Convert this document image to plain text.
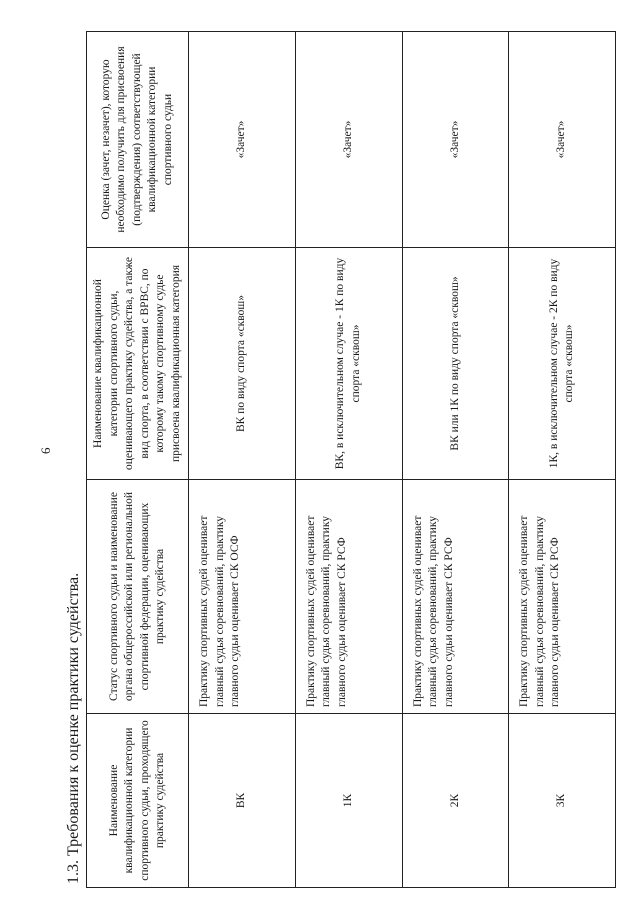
6
1.3. Требования к оценке практики судейства. Наименование квалификационной категории спортивного судьи, проходящего практику судейства	Статус спортивного судьи и наименование органа общероссийской или региональной спортивной федерации, оценивающих практику судейства	Наименование квалификационной категории спортивного судьи, оценивающего практику судейства, а также вид спорта, в соответствии с ВРВС, по которому такому спортивному судье присвоена квалификационная категория	Оценка (зачет, незачет), которую необходимо получить для присвоения (подтверждения) соответствующей квалификационной категории спортивного судьи
ВК	Практику спортивных судей оценивает главный судья соревнований, практику главного судьи оценивает СК ОСФ	ВК по виду спорта «сквош»	«Зачет»
1К	Практику спортивных судей оценивает главный судья соревнований, практику главного судьи оценивает СК РСФ	ВК, в исключительном случае - 1К по виду спорта «сквош»	«Зачет»
2К	Практику спортивных судей оценивает главный судья соревнований, практику главного судьи оценивает СК РСФ	ВК или 1К по виду спорта «сквош»	«Зачет»
3К	Практику спортивных судей оценивает главный судья соревнований, практику главного судьи оценивает СК РСФ	1К, в исключительном случае - 2К по виду спорта «сквош»	«Зачет»
